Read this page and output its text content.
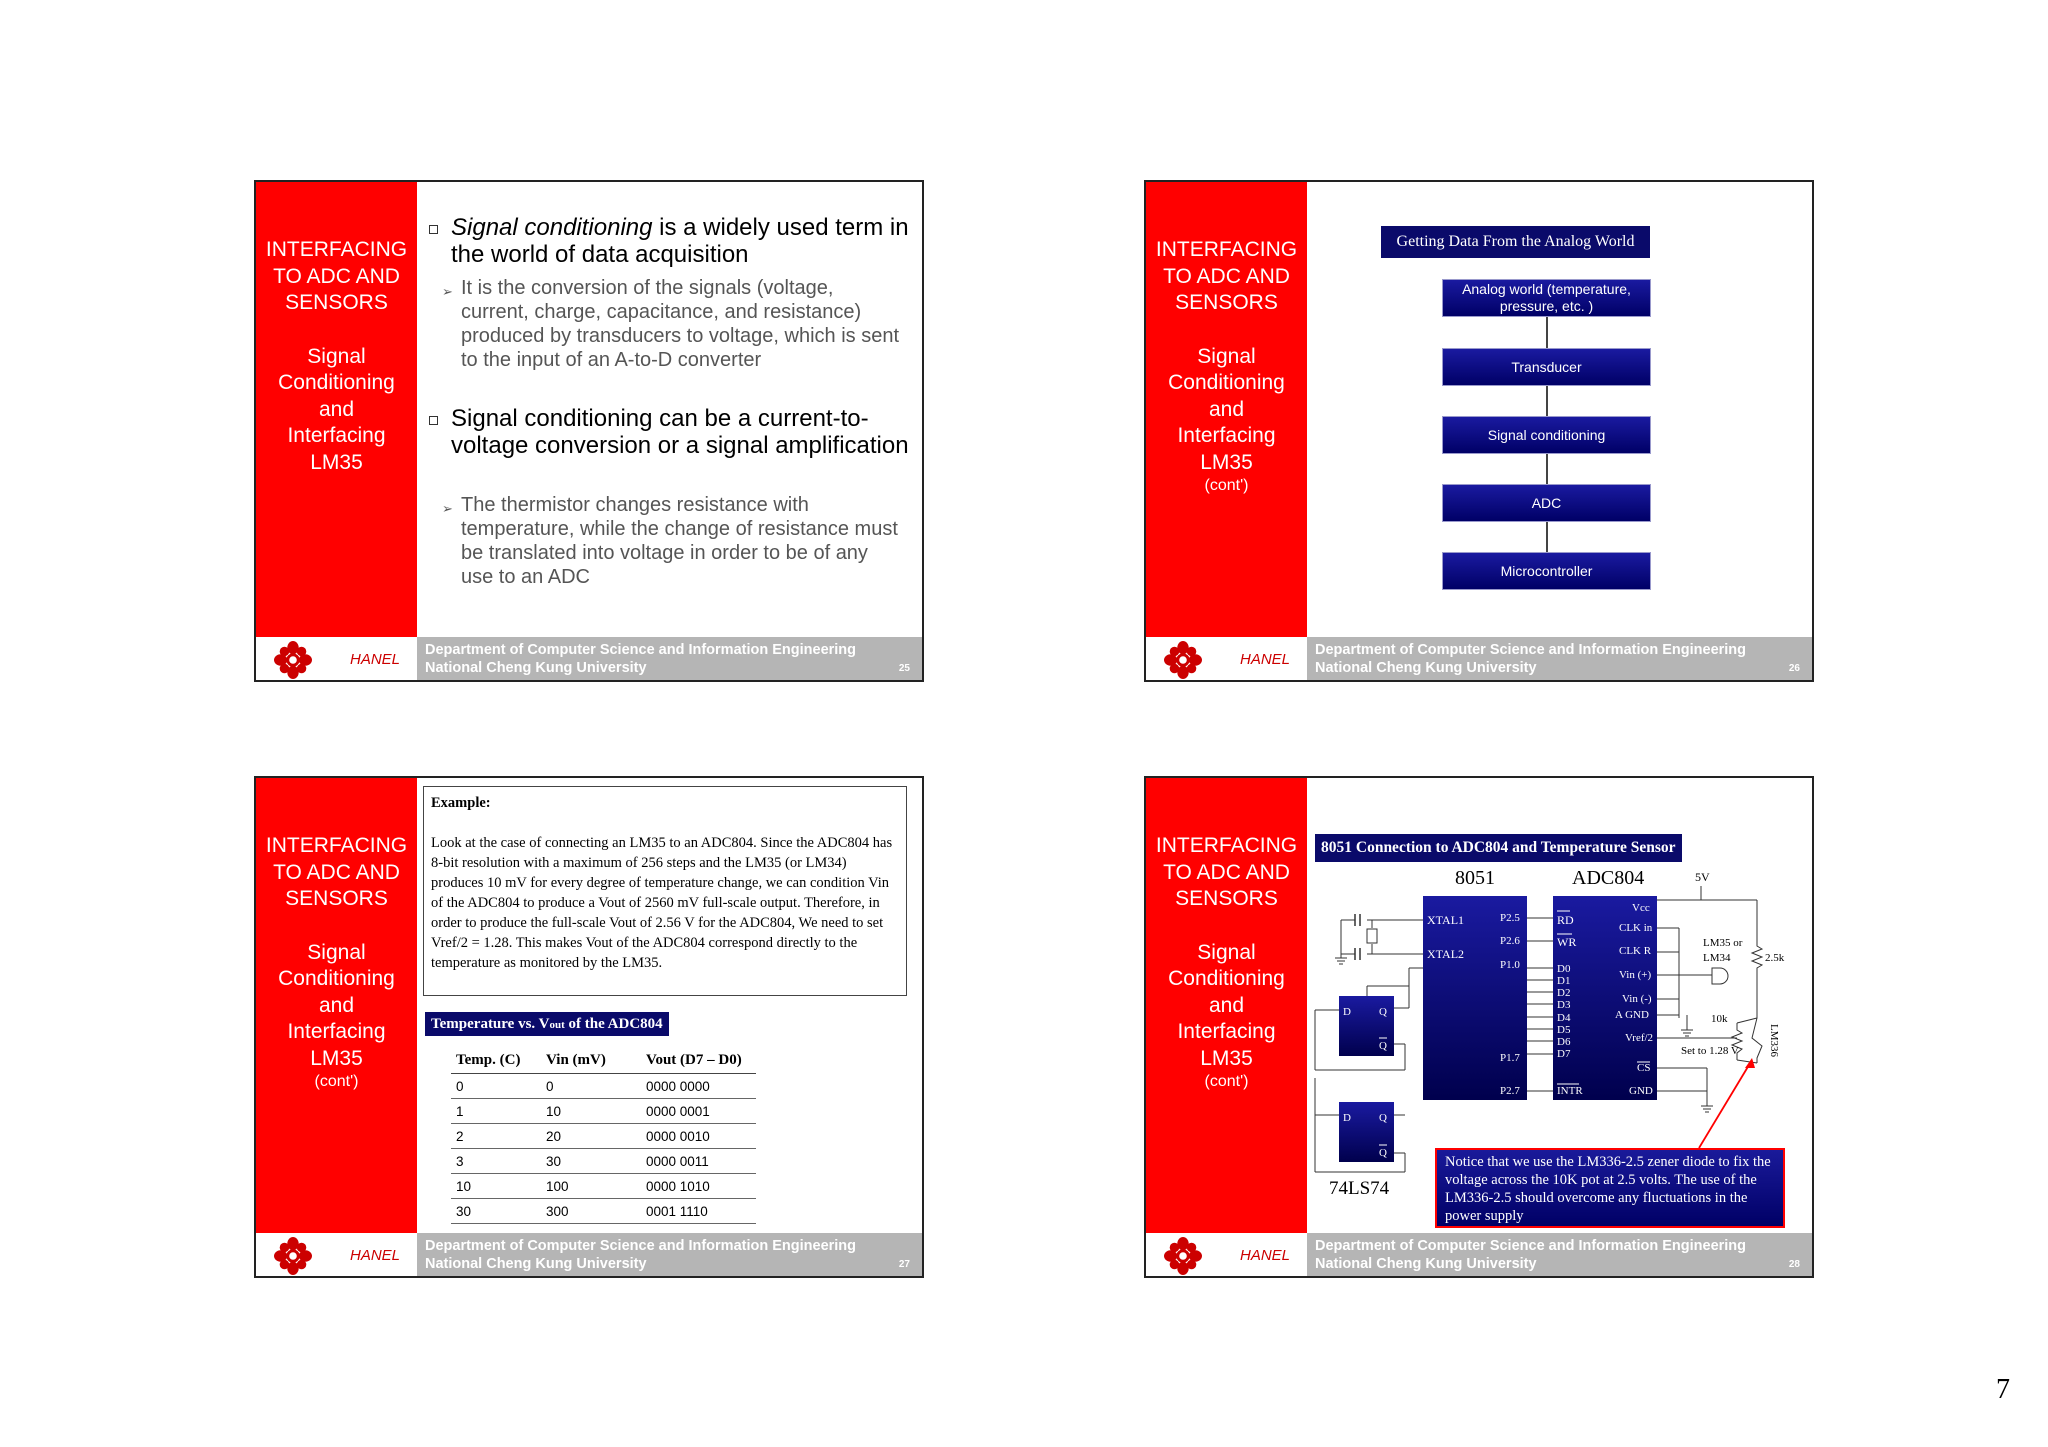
INTERFACING
TO ADC AND
SENSORS
Signal
Conditioning
and
Interfacing
LM35
Signal conditioning is a widely used term in the world of data acquisition
➢ It is the conversion of the signals (voltage, current, charge, capacitance, and resistance) produced by transducers to voltage, which is sent to the input of an A-to-D converter
Signal conditioning can be a current-to-voltage conversion or a signal amplification
➢ The thermistor changes resistance with temperature, while the change of resistance must be translated into voltage in order to be of any use to an ADC
HANEL
Department of Computer Science and Information Engineering
National Cheng Kung University	25
INTERFACING
TO ADC AND
SENSORS
Signal
Conditioning
and
Interfacing
LM35
(cont')
Getting Data From the Analog World
Analog world (temperature, pressure, etc. )
Transducer
Signal conditioning
ADC
Microcontroller
HANEL
Department of Computer Science and Information Engineering
National Cheng Kung University	26
INTERFACING
TO ADC AND
SENSORS
Signal
Conditioning
and
Interfacing
LM35
(cont')
Example:
Look at the case of connecting an LM35 to an ADC804. Since the ADC804 has 8-bit resolution with a maximum of 256 steps and the LM35 (or LM34) produces 10 mV for every degree of temperature change, we can condition Vin of the ADC804 to produce a Vout of 2560 mV full-scale output. Therefore, in order to produce the full-scale Vout of 2.56 V for the ADC804, We need to set Vref/2 = 1.28. This makes Vout of the ADC804 correspond directly to the temperature as monitored by the LM35.
Temperature vs. Vout of the ADC804
Temp. (C)	Vin (mV)	Vout (D7 – D0)
0	0	0000 0000
1	10	0000 0001
2	20	0000 0010
3	30	0000 0011
10	100	0000 1010
30	300	0001 1110
HANEL
Department of Computer Science and Information Engineering
National Cheng Kung University	27
INTERFACING
TO ADC AND
SENSORS
Signal
Conditioning
and
Interfacing
LM35
(cont')
8051 Connection to ADC804 and Temperature Sensor
8051	ADC804	5V
XTAL1
XTAL2
P2.5
P2.6
P1.0
P1.7
P2.7
RD
WR
D0
D1
D2
D3
D4
D5
D6
D7
INTR
Vcc
CLK in
CLK R
Vin (+)
Vin (-)
A GND
Vref/2
CS
GND
D	Q
Q
D	Q
Q
74LS74
LM35 or
LM34	2.5k
10k
Set to 1.28 V	LM336
Notice that we use the LM336-2.5 zener diode to fix the voltage across the 10K pot at 2.5 volts. The use of the LM336-2.5 should overcome any fluctuations in the power supply
HANEL
Department of Computer Science and Information Engineering
National Cheng Kung University	28
7
